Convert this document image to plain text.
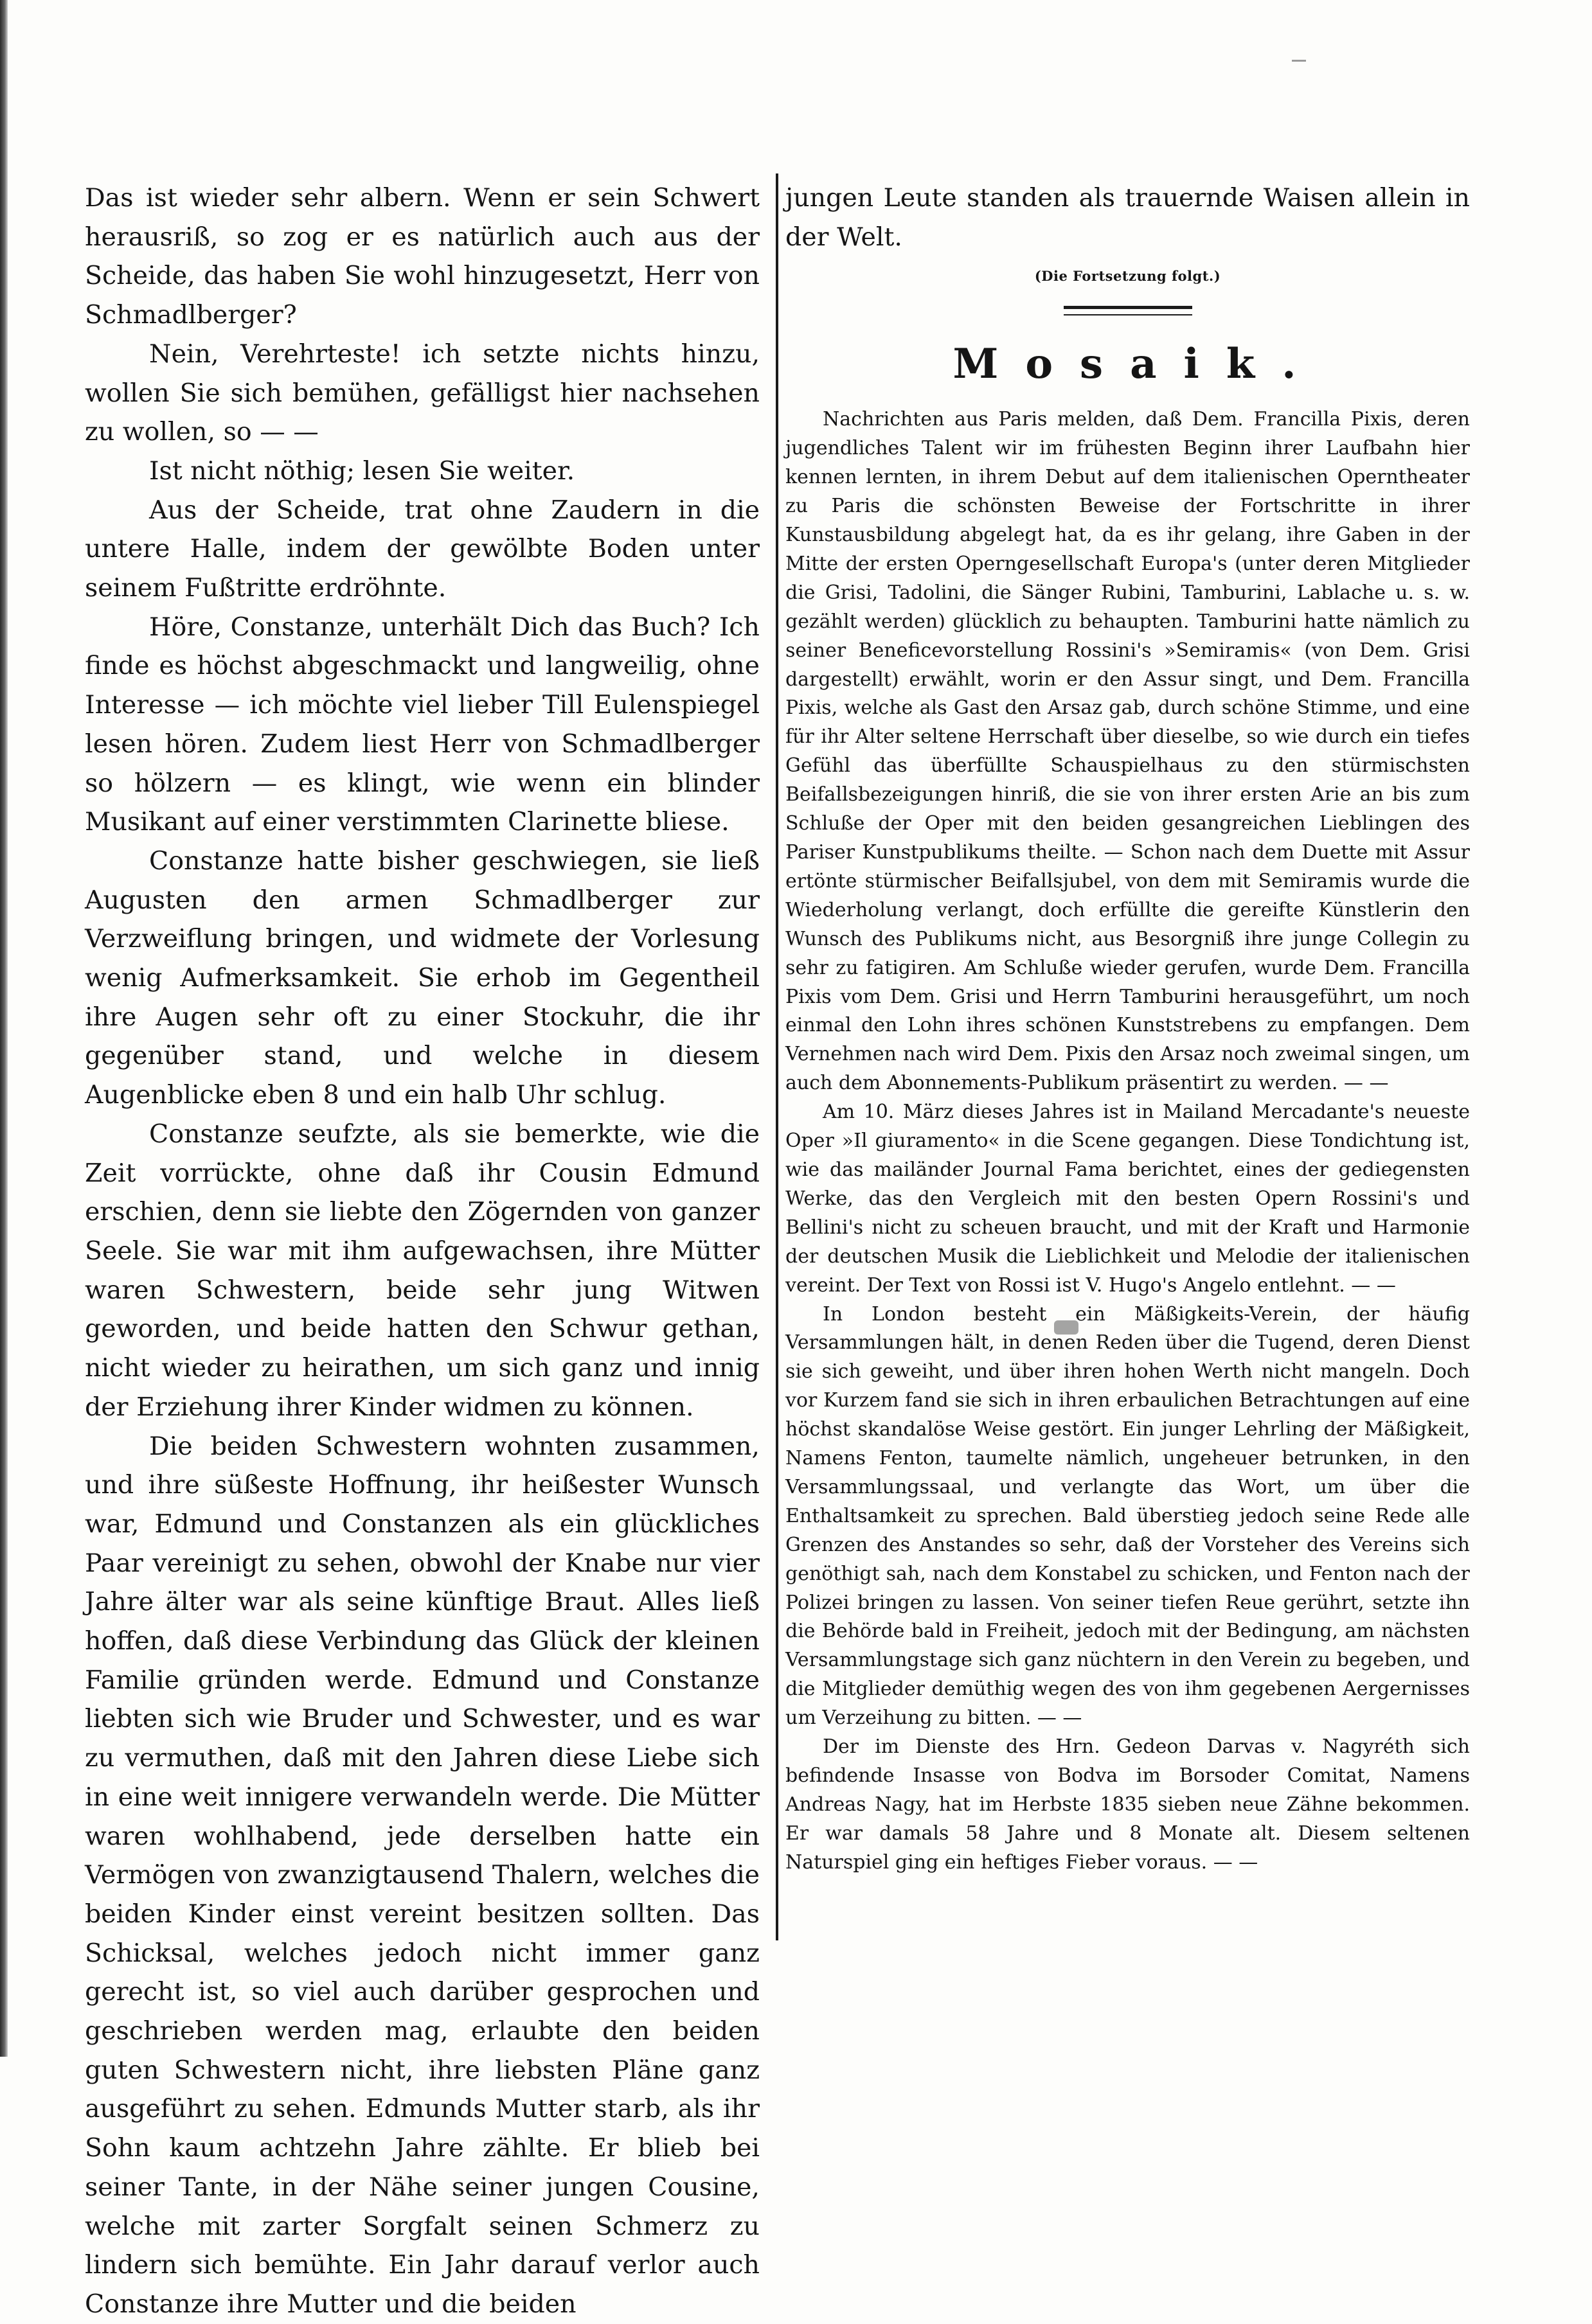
Das ist wieder sehr albern. Wenn er sein Schwert herausriß, so zog er es natürlich auch aus der Scheide, das haben Sie wohl hinzugesetzt, Herr von Schmadlberger?

Nein, Verehrteste! ich setzte nichts hinzu, wollen Sie sich bemühen, gefälligst hier nachsehen zu wollen, so — —

Ist nicht nöthig; lesen Sie weiter.

Aus der Scheide, trat ohne Zaudern in die untere Halle, indem der gewölbte Boden unter seinem Fußtritte erdröhnte.

Höre, Constanze, unterhält Dich das Buch? Ich finde es höchst abgeschmackt und langweilig, ohne Interesse — ich möchte viel lieber Till Eulenspiegel lesen hören. Zudem liest Herr von Schmadlberger so hölzern — es klingt, wie wenn ein blinder Musikant auf einer verstimmten Clarinette bliese.

Constanze hatte bisher geschwiegen, sie ließ Augusten den armen Schmadlberger zur Verzweiflung bringen, und widmete der Vorlesung wenig Aufmerksamkeit. Sie erhob im Gegentheil ihre Augen sehr oft zu einer Stockuhr, die ihr gegenüber stand, und welche in diesem Augenblicke eben 8 und ein halb Uhr schlug.

Constanze seufzte, als sie bemerkte, wie die Zeit vorrückte, ohne daß ihr Cousin Edmund erschien, denn sie liebte den Zögernden von ganzer Seele. Sie war mit ihm aufgewachsen, ihre Mütter waren Schwestern, beide sehr jung Witwen geworden, und beide hatten den Schwur gethan, nicht wieder zu heirathen, um sich ganz und innig der Erziehung ihrer Kinder widmen zu können.

Die beiden Schwestern wohnten zusammen, und ihre süßeste Hoffnung, ihr heißester Wunsch war, Edmund und Constanzen als ein glückliches Paar vereinigt zu sehen, obwohl der Knabe nur vier Jahre älter war als seine künftige Braut. Alles ließ hoffen, daß diese Verbindung das Glück der kleinen Familie gründen werde. Edmund und Constanze liebten sich wie Bruder und Schwester, und es war zu vermuthen, daß mit den Jahren diese Liebe sich in eine weit innigere verwandeln werde. Die Mütter waren wohlhabend, jede derselben hatte ein Vermögen von zwanzigtausend Thalern, welches die beiden Kinder einst vereint besitzen sollten. Das Schicksal, welches jedoch nicht immer ganz gerecht ist, so viel auch darüber gesprochen und geschrieben werden mag, erlaubte den beiden guten Schwestern nicht, ihre liebsten Pläne ganz ausgeführt zu sehen. Edmunds Mutter starb, als ihr Sohn kaum achtzehn Jahre zählte. Er blieb bei seiner Tante, in der Nähe seiner jungen Cousine, welche mit zarter Sorgfalt seinen Schmerz zu lindern sich bemühte. Ein Jahr darauf verlor auch Constanze ihre Mutter und die beiden

jungen Leute standen als trauernde Waisen allein in der Welt.

(Die Fortsetzung folgt.)
Mosaik.

Nachrichten aus Paris melden, daß Dem. Francilla Pixis, deren jugendliches Talent wir im frühesten Beginn ihrer Laufbahn hier kennen lernten, in ihrem Debut auf dem italienischen Operntheater zu Paris die schönsten Beweise der Fortschritte in ihrer Kunstausbildung abgelegt hat, da es ihr gelang, ihre Gaben in der Mitte der ersten Operngesellschaft Europa's (unter deren Mitglieder die Grisi, Tadolini, die Sänger Rubini, Tamburini, Lablache u. s. w. gezählt werden) glücklich zu behaupten. Tamburini hatte nämlich zu seiner Beneficevorstellung Rossini's »Semiramis« (von Dem. Grisi dargestellt) erwählt, worin er den Assur singt, und Dem. Francilla Pixis, welche als Gast den Arsaz gab, durch schöne Stimme, und eine für ihr Alter seltene Herrschaft über dieselbe, so wie durch ein tiefes Gefühl das überfüllte Schauspielhaus zu den stürmischsten Beifallsbezeigungen hinriß, die sie von ihrer ersten Arie an bis zum Schluße der Oper mit den beiden gesangreichen Lieblingen des Pariser Kunstpublikums theilte. — Schon nach dem Duette mit Assur ertönte stürmischer Beifallsjubel, von dem mit Semiramis wurde die Wiederholung verlangt, doch erfüllte die gereifte Künstlerin den Wunsch des Publikums nicht, aus Besorgniß ihre junge Collegin zu sehr zu fatigiren. Am Schluße wieder gerufen, wurde Dem. Francilla Pixis vom Dem. Grisi und Herrn Tamburini herausgeführt, um noch einmal den Lohn ihres schönen Kunststrebens zu empfangen. Dem Vernehmen nach wird Dem. Pixis den Arsaz noch zweimal singen, um auch dem Abonnements-Publikum präsentirt zu werden. — —

Am 10. März dieses Jahres ist in Mailand Mercadante's neueste Oper »Il giuramento« in die Scene gegangen. Diese Tondichtung ist, wie das mailänder Journal Fama berichtet, eines der gediegensten Werke, das den Vergleich mit den besten Opern Rossini's und Bellini's nicht zu scheuen braucht, und mit der Kraft und Harmonie der deutschen Musik die Lieblichkeit und Melodie der italienischen vereint. Der Text von Rossi ist V. Hugo's Angelo entlehnt. — —

In London besteht ein Mäßigkeits-Verein, der häufig Versammlungen hält, in denen Reden über die Tugend, deren Dienst sie sich geweiht, und über ihren hohen Werth nicht mangeln. Doch vor Kurzem fand sie sich in ihren erbaulichen Betrachtungen auf eine höchst skandalöse Weise gestört. Ein junger Lehrling der Mäßigkeit, Namens Fenton, taumelte nämlich, ungeheuer betrunken, in den Versammlungssaal, und verlangte das Wort, um über die Enthaltsamkeit zu sprechen. Bald überstieg jedoch seine Rede alle Grenzen des Anstandes so sehr, daß der Vorsteher des Vereins sich genöthigt sah, nach dem Konstabel zu schicken, und Fenton nach der Polizei bringen zu lassen. Von seiner tiefen Reue gerührt, setzte ihn die Behörde bald in Freiheit, jedoch mit der Bedingung, am nächsten Versammlungstage sich ganz nüchtern in den Verein zu begeben, und die Mitglieder demüthig wegen des von ihm gegebenen Aergernisses um Verzeihung zu bitten. — —

Der im Dienste des Hrn. Gedeon Darvas v. Nagyréth sich befindende Insasse von Bodva im Borsoder Comitat, Namens Andreas Nagy, hat im Herbste 1835 sieben neue Zähne bekommen. Er war damals 58 Jahre und 8 Monate alt. Diesem seltenen Naturspiel ging ein heftiges Fieber voraus. — —
